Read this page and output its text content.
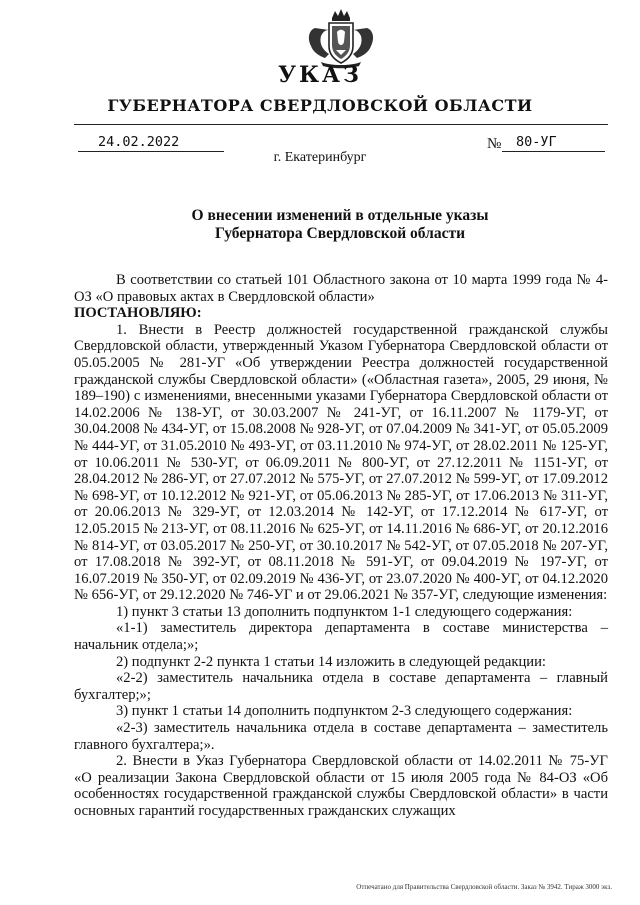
УКАЗ
ГУБЕРНАТОРА СВЕРДЛОВСКОЙ ОБЛАСТИ
24.02.2022	№ 80-УГ
г. Екатеринбург
О внесении изменений в отдельные указы
Губернатора Свердловской области

В соответствии со статьей 101 Областного закона от 10 марта 1999 года № 4-ОЗ «О правовых актах в Свердловской области»

ПОСТАНОВЛЯЮ:

1. Внести в Реестр должностей государственной гражданской службы Свердловской области, утвержденный Указом Губернатора Свердловской области от 05.05.2005 № 281-УГ «Об утверждении Реестра должностей государственной гражданской службы Свердловской области» («Областная газета», 2005, 29 июня, № 189–190) с изменениями, внесенными указами Губернатора Свердловской области от 14.02.2006 № 138-УГ, от 30.03.2007 № 241-УГ, от 16.11.2007 № 1179-УГ, от 30.04.2008 № 434-УГ, от 15.08.2008 № 928-УГ, от 07.04.2009 № 341-УГ, от 05.05.2009 № 444-УГ, от 31.05.2010 № 493-УГ, от 03.11.2010 № 974-УГ, от 28.02.2011 № 125-УГ, от 10.06.2011 № 530-УГ, от 06.09.2011 № 800-УГ, от 27.12.2011 № 1151-УГ, от 28.04.2012 № 286-УГ, от 27.07.2012 № 575-УГ, от 27.07.2012 № 599-УГ, от 17.09.2012 № 698-УГ, от 10.12.2012 № 921-УГ, от 05.06.2013 № 285-УГ, от 17.06.2013 № 311-УГ, от 20.06.2013 № 329-УГ, от 12.03.2014 № 142-УГ, от 17.12.2014 № 617-УГ, от 12.05.2015 № 213-УГ, от 08.11.2016 № 625-УГ, от 14.11.2016 № 686-УГ, от 20.12.2016 № 814-УГ, от 03.05.2017 № 250-УГ, от 30.10.2017 № 542-УГ, от 07.05.2018 № 207-УГ, от 17.08.2018 № 392-УГ, от 08.11.2018 № 591-УГ, от 09.04.2019 № 197-УГ, от 16.07.2019 № 350-УГ, от 02.09.2019 № 436-УГ, от 23.07.2020 № 400-УГ, от 04.12.2020 № 656-УГ, от 29.12.2020 № 746-УГ и от 29.06.2021 № 357-УГ, следующие изменения:

1) пункт 3 статьи 13 дополнить подпунктом 1-1 следующего содержания:

«1-1) заместитель директора департамента в составе министерства – начальник отдела;»;

2) подпункт 2-2 пункта 1 статьи 14 изложить в следующей редакции:

«2-2) заместитель начальника отдела в составе департамента – главный бухгалтер;»;

3) пункт 1 статьи 14 дополнить подпунктом 2-3 следующего содержания:

«2-3) заместитель начальника отдела в составе департамента – заместитель главного бухгалтера;».

2. Внести в Указ Губернатора Свердловской области от 14.02.2011 № 75-УГ «О реализации Закона Свердловской области от 15 июля 2005 года № 84-ОЗ «Об особенностях государственной гражданской службы Свердловской области» в части основных гарантий государственных гражданских служащих

Отпечатано для Правительства Свердловской области. Заказ № 3942. Тираж 3000 экз.
